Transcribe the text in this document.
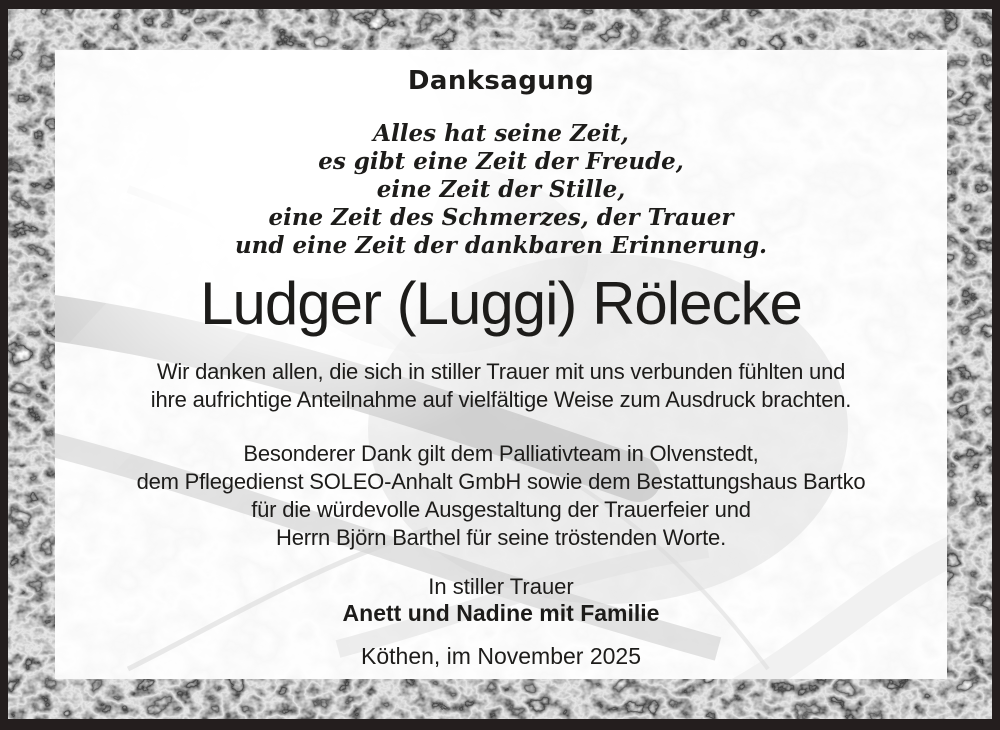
Danksagung
Alles hat seine Zeit,
es gibt eine Zeit der Freude,
eine Zeit der Stille,
eine Zeit des Schmerzes, der Trauer
und eine Zeit der dankbaren Erinnerung.
Ludger (Luggi) Rölecke
Wir danken allen, die sich in stiller Trauer mit uns verbunden fühlten und
ihre aufrichtige Anteilnahme auf vielfältige Weise zum Ausdruck brachten.
Besonderer Dank gilt dem Palliativteam in Olvenstedt,
dem Pflegedienst SOLEO-Anhalt GmbH sowie dem Bestattungshaus Bartko
für die würdevolle Ausgestaltung der Trauerfeier und
Herrn Björn Barthel für seine tröstenden Worte.
In stiller Trauer
Anett und Nadine mit Familie
Köthen, im November 2025
